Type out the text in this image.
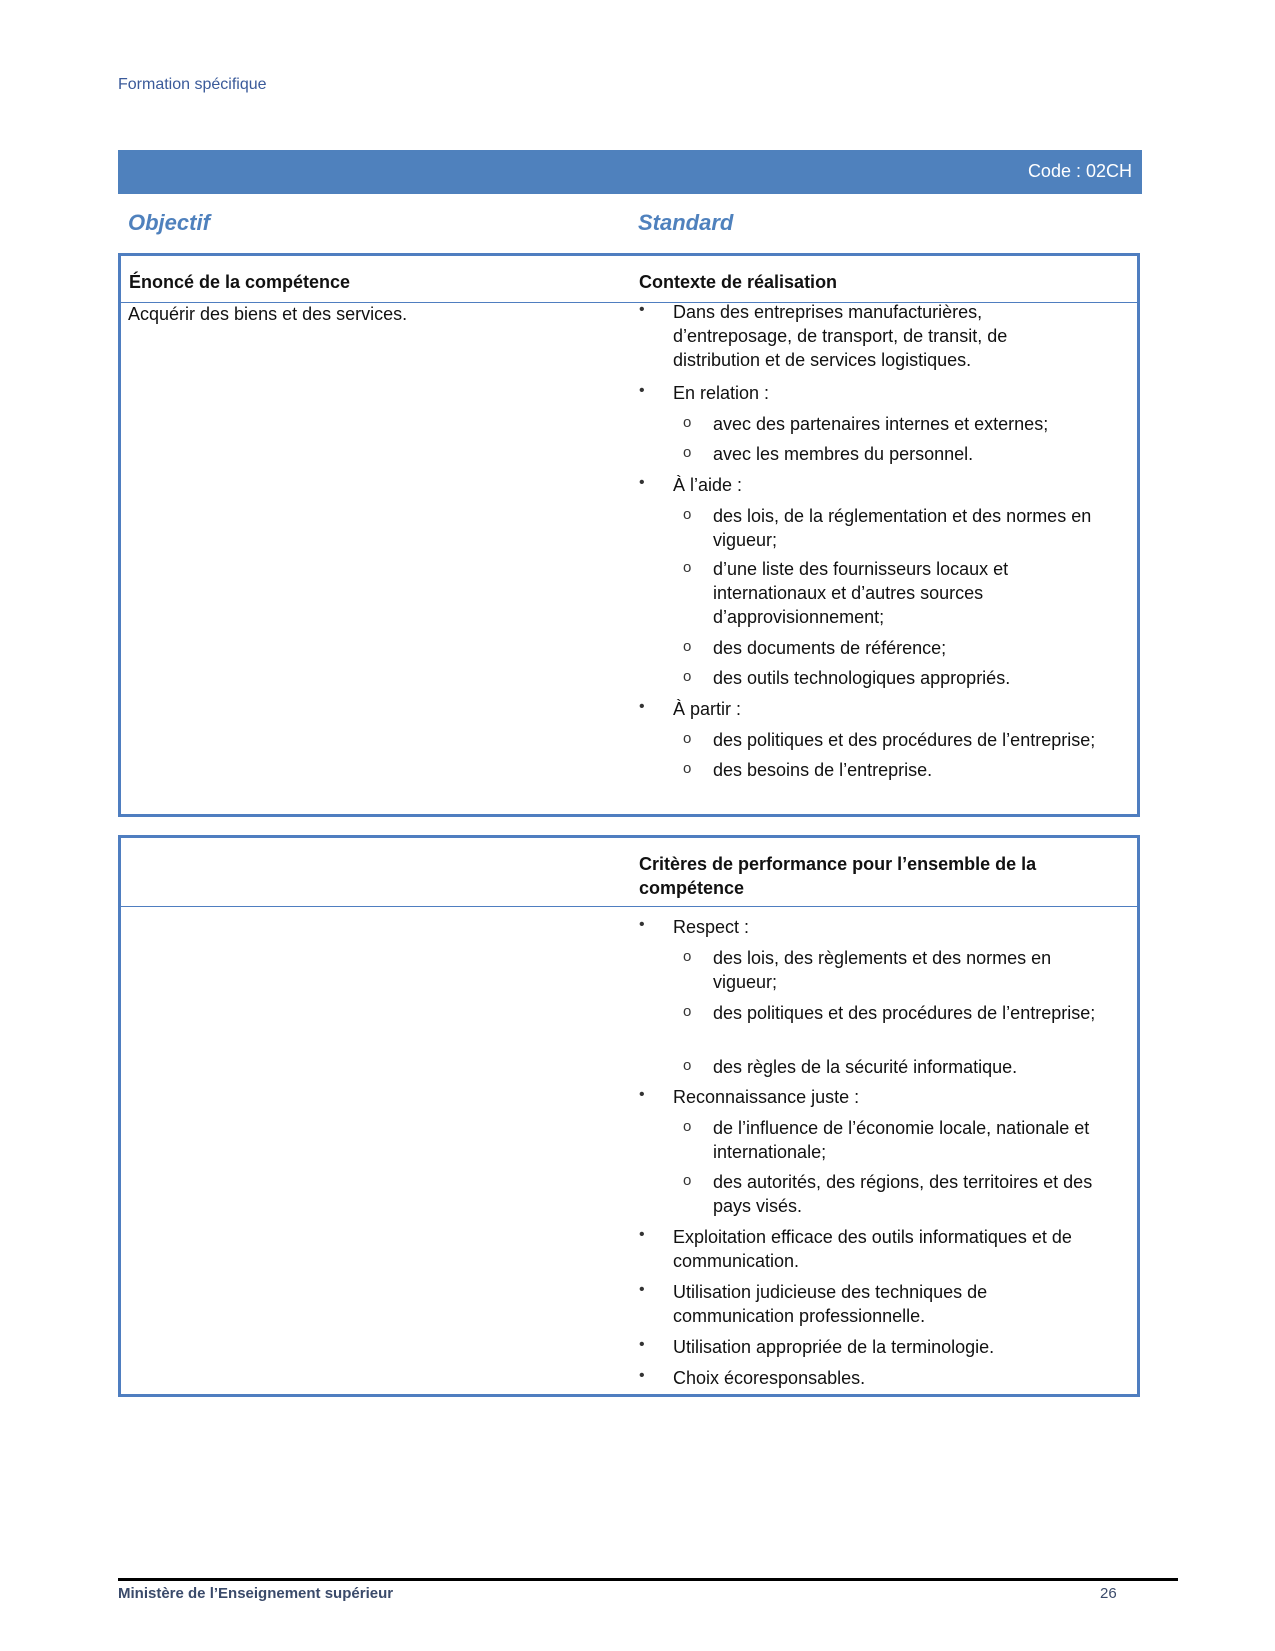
Formation spécifique
Code : 02CH
Objectif	Standard
Énoncé de la compétence	Contexte de réalisation
Acquérir des biens et des services.	• Dans des entreprises manufacturières, d’entreposage, de transport, de transit, de distribution et de services logistiques.
• En relation :
o avec des partenaires internes et externes;
o avec les membres du personnel.
• À l’aide :
o des lois, de la réglementation et des normes en vigueur;
o d’une liste des fournisseurs locaux et internationaux et d’autres sources d’approvisionnement;
o des documents de référence;
o des outils technologiques appropriés.
• À partir :
o des politiques et des procédures de l’entreprise;
o des besoins de l’entreprise.
Critères de performance pour l’ensemble de la compétence
• Respect :
o des lois, des règlements et des normes en vigueur;
o des politiques et des procédures de l’entreprise;
o des règles de la sécurité informatique.
• Reconnaissance juste :
o de l’influence de l’économie locale, nationale et internationale;
o des autorités, des régions, des territoires et des pays visés.
• Exploitation efficace des outils informatiques et de communication.
• Utilisation judicieuse des techniques de communication professionnelle.
• Utilisation appropriée de la terminologie.
• Choix écoresponsables.
Ministère de l’Enseignement supérieur	26
